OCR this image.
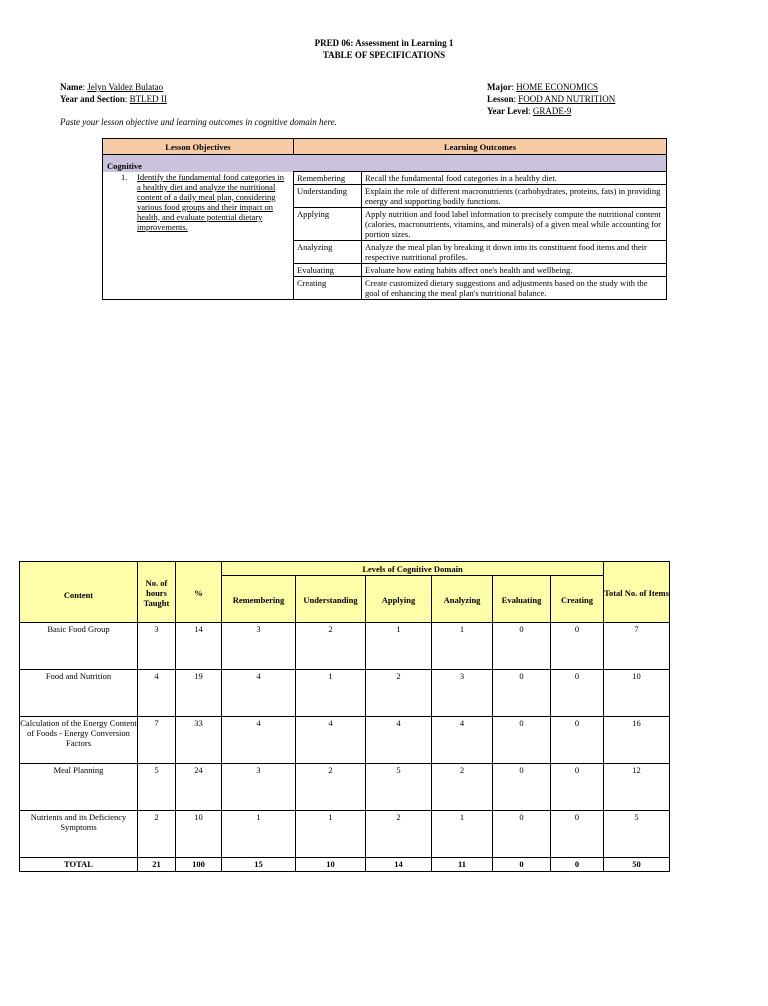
PRED 06: Assessment in Learning 1
TABLE OF SPECIFICATIONS
Name: Jelyn Valdez Bulatao
Year and Section: BTLED II
Major: HOME ECONOMICS
Lesson: FOOD AND NUTRITION
Year Level: GRADE-9
Paste your lesson objective and learning outcomes in cognitive domain here.
Lesson Objectives	Learning Outcomes	
Cognitive		
1. Identify the fundamental food categories in a healthy diet and analyze the nutritional content of a daily meal plan, considering various food groups and their impact on health, and evaluate potential dietary improvements.	Remembering	Recall the fundamental food categories in a healthy diet.
	Understanding	Explain the role of different macronutrients (carbohydrates, proteins, fats) in providing energy and supporting bodily functions.
	Applying	Apply nutrition and food label information to precisely compute the nutritional content (calories, macronutrients, vitamins, and minerals) of a given meal while accounting for portion sizes.
	Analyzing	Analyze the meal plan by breaking it down into its constituent food items and their respective nutritional profiles.
	Evaluating	Evaluate how eating habits affect one's health and wellbeing.
	Creating	Create customized dietary suggestions and adjustments based on the study with the goal of enhancing the meal plan's nutritional balance.
Content	No. of hours Taught	%	Levels of Cognitive Domain						Total No. of Items
			Remembering	Understanding	Applying	Analyzing	Evaluating	Creating	
Basic Food Group	3	14	3	2	1	1	0	0	7
Food and Nutrition	4	19	4	1	2	3	0	0	10
Calculation of the Energy Content of Foods - Energy Conversion Factors	7	33	4	4	4	4	0	0	16
Meal Planning	5	24	3	2	5	2	0	0	12
Nutrients and its Deficiency Symptoms	2	10	1	1	2	1	0	0	5
TOTAL	21	100	15	10	14	11	0	0	50
